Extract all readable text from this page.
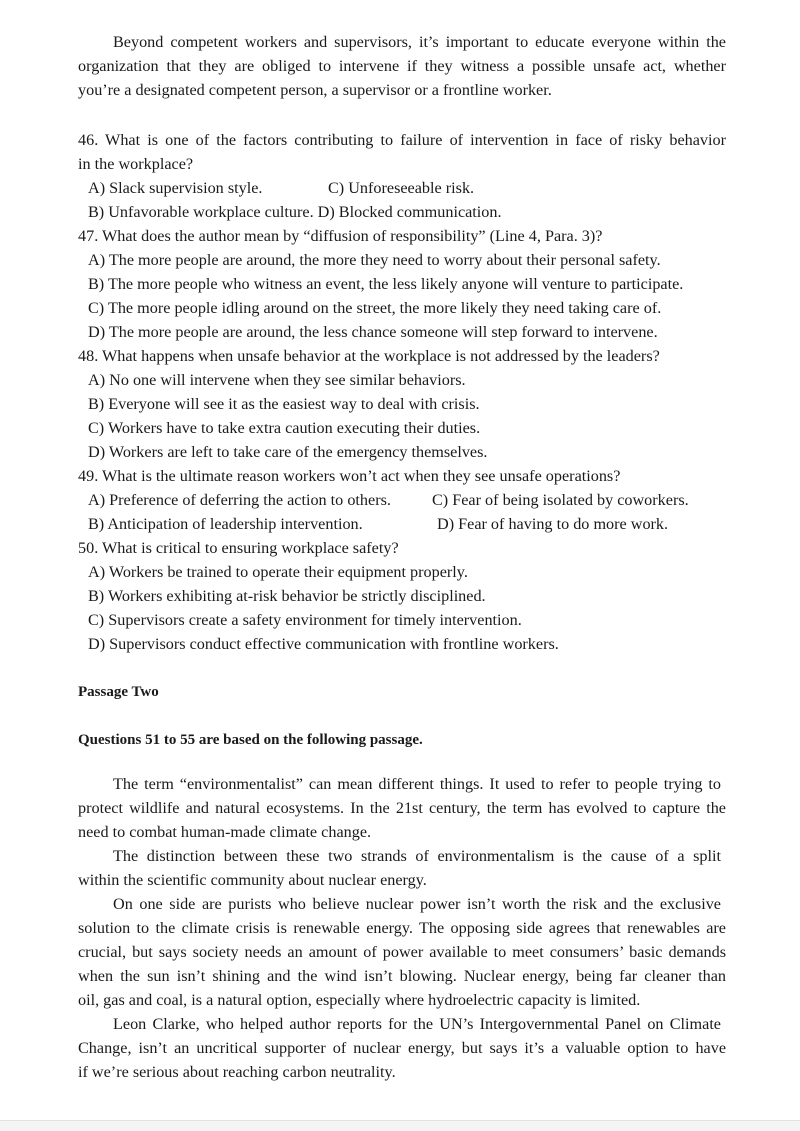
Beyond competent workers and supervisors, it’s important to educate everyone within the

organization that they are obliged to intervene if they witness a possible unsafe act, whether

you’re a designated competent person, a supervisor or a frontline worker.

46. What is one of the factors contributing to failure of intervention in face of risky behavior

in the workplace?

A) Slack supervision style.	C) Unforeseeable risk.

B) Unfavorable workplace culture. D) Blocked communication.

47. What does the author mean by “diffusion of responsibility” (Line 4, Para. 3)?

A) The more people are around, the more they need to worry about their personal safety.

B) The more people who witness an event, the less likely anyone will venture to participate.

C) The more people idling around on the street, the more likely they need taking care of.

D) The more people are around, the less chance someone will step forward to intervene.

48. What happens when unsafe behavior at the workplace is not addressed by the leaders?

A) No one will intervene when they see similar behaviors.

B) Everyone will see it as the easiest way to deal with crisis.

C) Workers have to take extra caution executing their duties.

D) Workers are left to take care of the emergency themselves.

49. What is the ultimate reason workers won’t act when they see unsafe operations?

A) Preference of deferring the action to others.	C) Fear of being isolated by coworkers.

B) Anticipation of leadership intervention.	D) Fear of having to do more work.

50. What is critical to ensuring workplace safety?

A) Workers be trained to operate their equipment properly.

B) Workers exhibiting at-risk behavior be strictly disciplined.

C) Supervisors create a safety environment for timely intervention.

D) Supervisors conduct effective communication with frontline workers.

Passage Two

Questions 51 to 55 are based on the following passage.

The term “environmentalist” can mean different things. It used to refer to people trying to

protect wildlife and natural ecosystems. In the 21st century, the term has evolved to capture the

need to combat human-made climate change.

The distinction between these two strands of environmentalism is the cause of a split

within the scientific community about nuclear energy.

On one side are purists who believe nuclear power isn’t worth the risk and the exclusive

solution to the climate crisis is renewable energy. The opposing side agrees that renewables are

crucial, but says society needs an amount of power available to meet consumers’ basic demands

when the sun isn’t shining and the wind isn’t blowing. Nuclear energy, being far cleaner than

oil, gas and coal, is a natural option, especially where hydroelectric capacity is limited.

Leon Clarke, who helped author reports for the UN’s Intergovernmental Panel on Climate

Change, isn’t an uncritical supporter of nuclear energy, but says it’s a valuable option to have

if we’re serious about reaching carbon neutrality.
